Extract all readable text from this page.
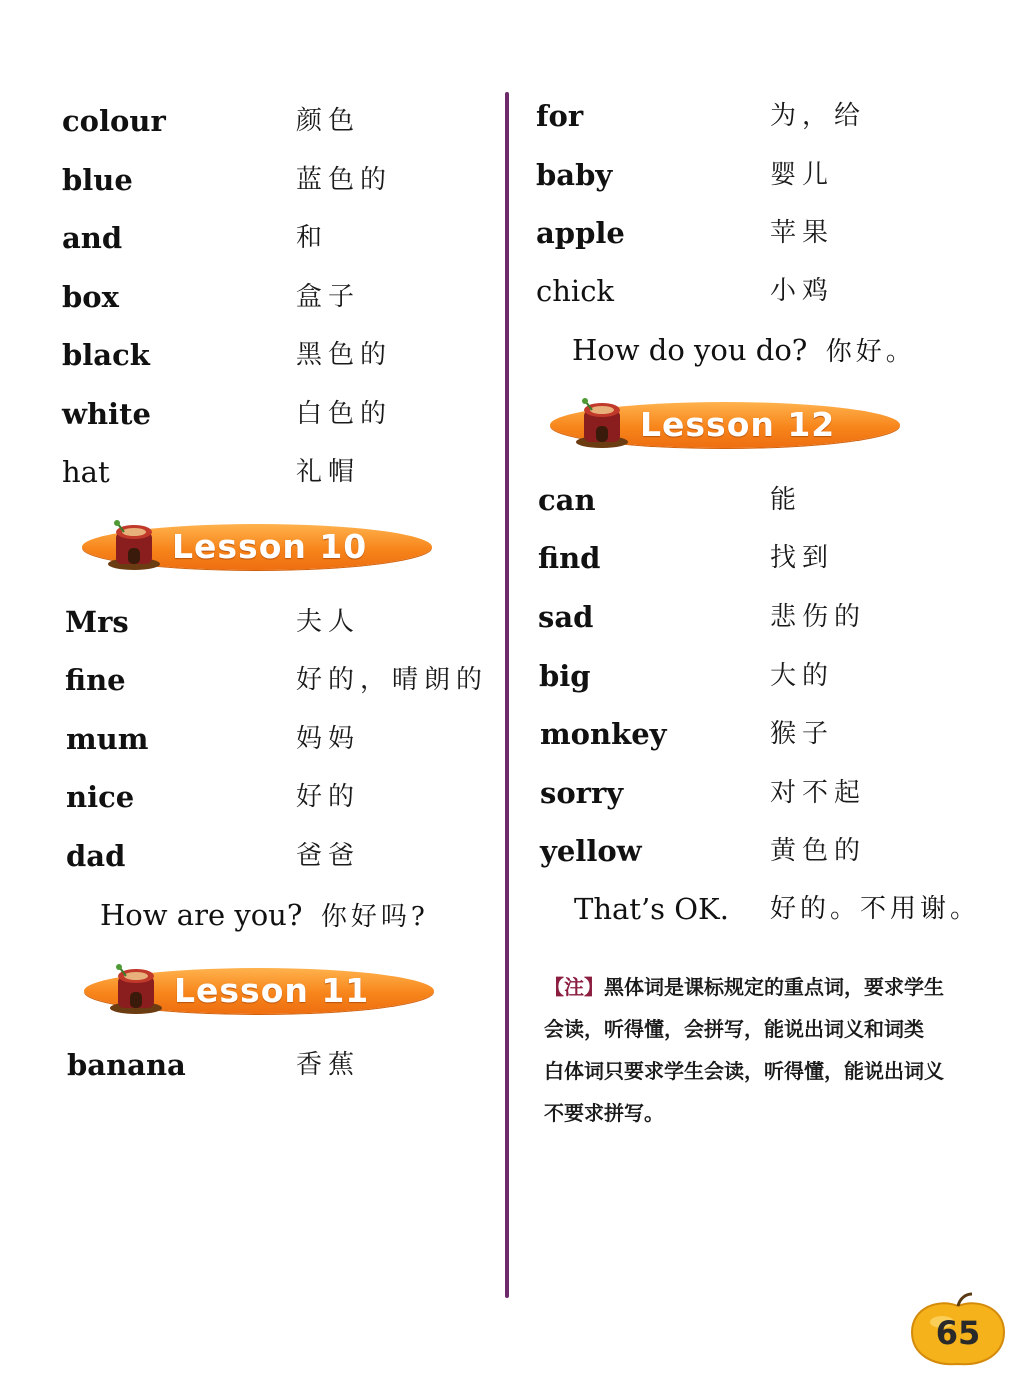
colour	颜色
blue	蓝色的
and	和
box	盒子
black	黑色的
white	白色的
hat	礼帽
Lesson 10
Mrs	夫人
fine	好的，晴朗的
mum	妈妈
nice	好的
dad	爸爸
How are you? 你好吗?
Lesson 11
banana	香蕉
for	为，给
baby	婴儿
apple	苹果
chick	小鸡
How do you do? 你好。
Lesson 12
can	能
find	找到
sad	悲伤的
big	大的
monkey	猴子
sorry	对不起
yellow	黄色的
That’s OK. 好的。不用谢。

【注】黑体词是课标规定的重点词，要求学生

会读，听得懂，会拼写，能说出词义和词类

白体词只要求学生会读，听得懂，能说出词义

不要求拼写。

65
